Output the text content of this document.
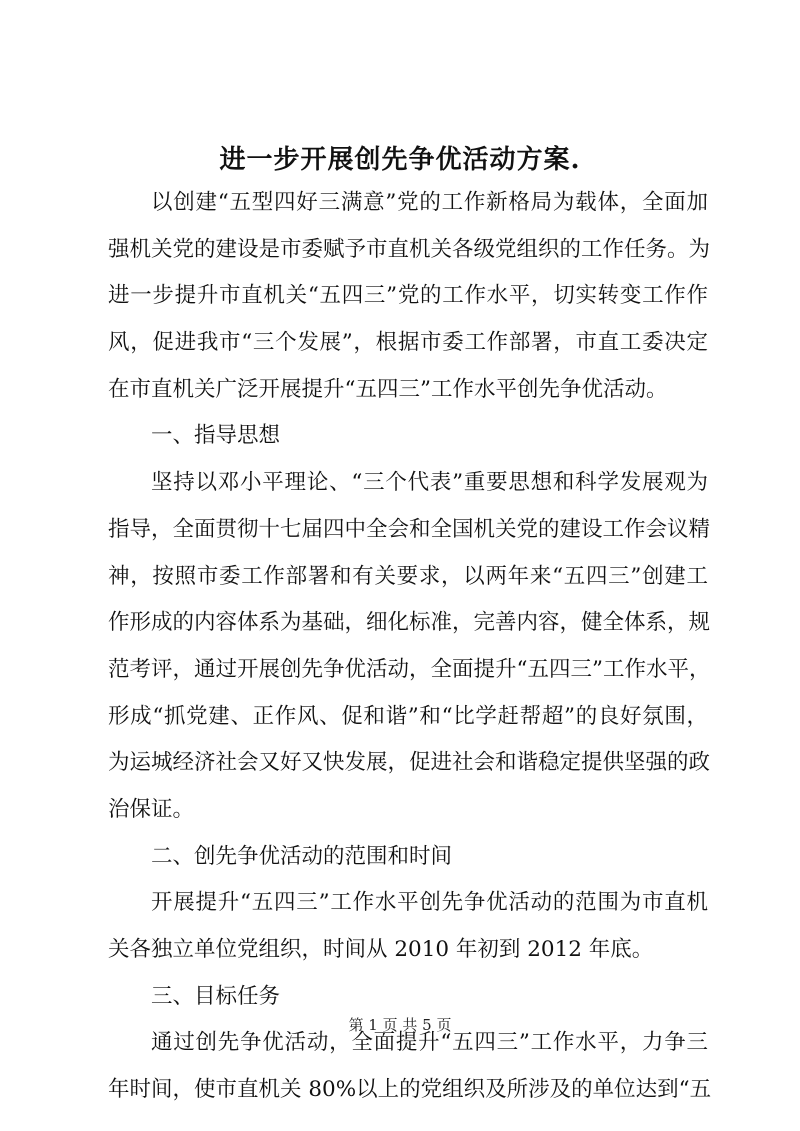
进一步开展创先争优活动方案.
以创建“五型四好三满意”党的工作新格局为载体，全面加
强机关党的建设是市委赋予市直机关各级党组织的工作任务。为
进一步提升市直机关“五四三”党的工作水平，切实转变工作作
风，促进我市“三个发展”，根据市委工作部署，市直工委决定
在市直机关广泛开展提升“五四三”工作水平创先争优活动。
一、指导思想
坚持以邓小平理论、“三个代表”重要思想和科学发展观为
指导，全面贯彻十七届四中全会和全国机关党的建设工作会议精
神，按照市委工作部署和有关要求，以两年来“五四三”创建工
作形成的内容体系为基础，细化标准，完善内容，健全体系，规
范考评，通过开展创先争优活动，全面提升“五四三”工作水平，
形成“抓党建、正作风、促和谐”和“比学赶帮超”的良好氛围，
为运城经济社会又好又快发展，促进社会和谐稳定提供坚强的政
治保证。
二、创先争优活动的范围和时间
开展提升“五四三”工作水平创先争优活动的范围为市直机
关各独立单位党组织，时间从 2010 年初到 2012 年底。
三、目标任务
通过创先争优活动，全面提升“五四三”工作水平，力争三
年时间，使市直机关 80%以上的党组织及所涉及的单位达到“五
第 1 页 共 5 页
